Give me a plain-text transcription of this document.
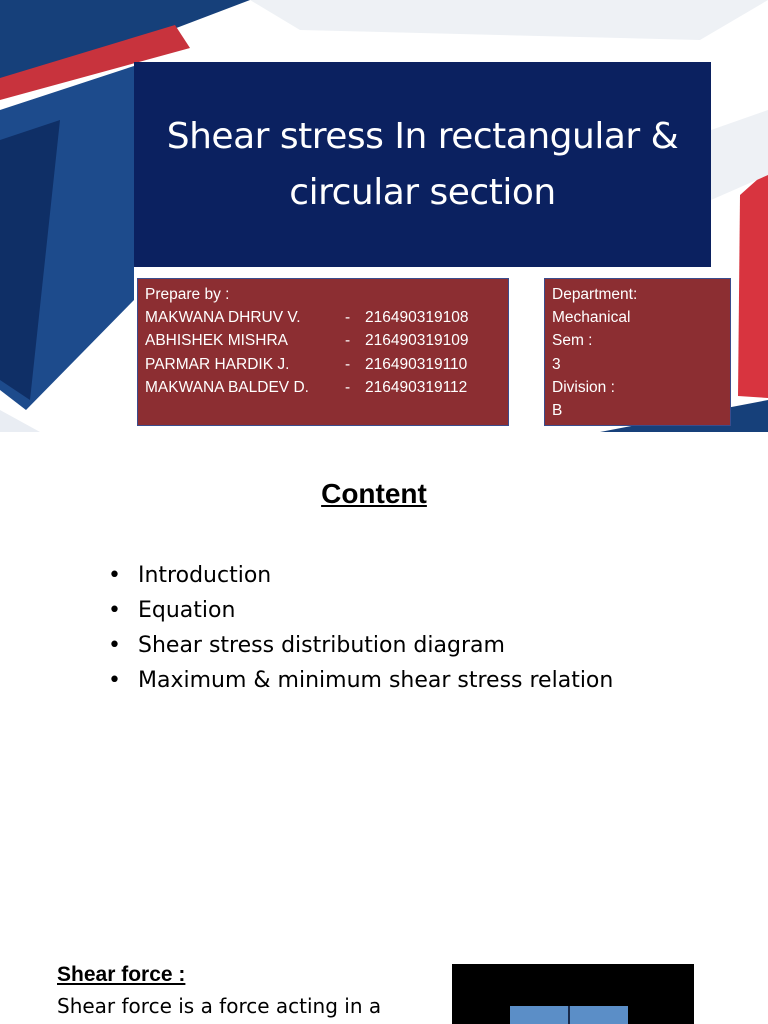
Shear stress In rectangular & circular section
Prepare by :
MAKWANA DHRUV V.	- 216490319108
ABHISHEK MISHRA	- 216490319109
PARMAR HARDIK J.	- 216490319110
MAKWANA BALDEV D.	- 216490319112
Department:
Mechanical
Sem :
3
Division :
B
Content
• Introduction
• Equation
• Shear stress distribution diagram
• Maximum & minimum shear stress relation
Shear force :

Shear force is a force acting in a
